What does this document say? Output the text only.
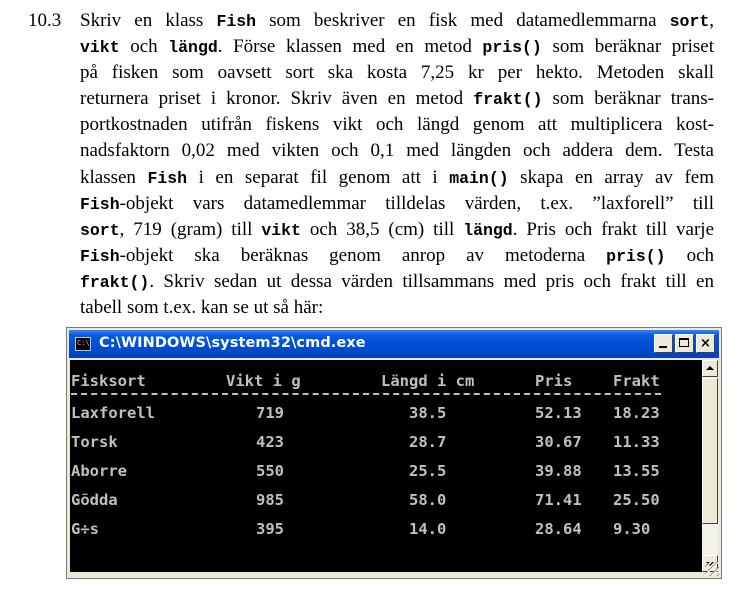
10.3 Skriv en klass Fish som beskriver en fisk med datamedlemmarna sort,
vikt och längd. Förse klassen med en metod pris() som beräknar priset
på fisken som oavsett sort ska kosta 7,25 kr per hekto. Metoden skall
returnera priset i kronor. Skriv även en metod frakt() som beräknar trans-
portkostnaden utifrån fiskens vikt och längd genom att multiplicera kost-
nadsfaktorn 0,02 med vikten och 0,1 med längden och addera dem. Testa
klassen Fish i en separat fil genom att i main() skapa en array av fem
Fish-objekt vars datamedlemmar tilldelas värden, t.ex. ”laxforell” till
sort, 719 (gram) till vikt och 38,5 (cm) till längd. Pris och frakt till varje
Fish-objekt ska beräknas genom anrop av metoderna pris() och
frakt(). Skriv sedan ut dessa värden tillsammans med pris och frakt till en
tabell som t.ex. kan se ut så här:
C:\ C:\WINDOWS\system32\cmd.exe	×
Fisksort	Vikt i g	Längd i cm	Pris	Frakt
Laxforell	719	38.5	52.13 18.23
Torsk	423	28.7	30.67 11.33
Aborre	550	25.5	39.88 13.55
Gõdda	985	58.0	71.41 25.50
G÷s	395	14.0	28.64 9.30
